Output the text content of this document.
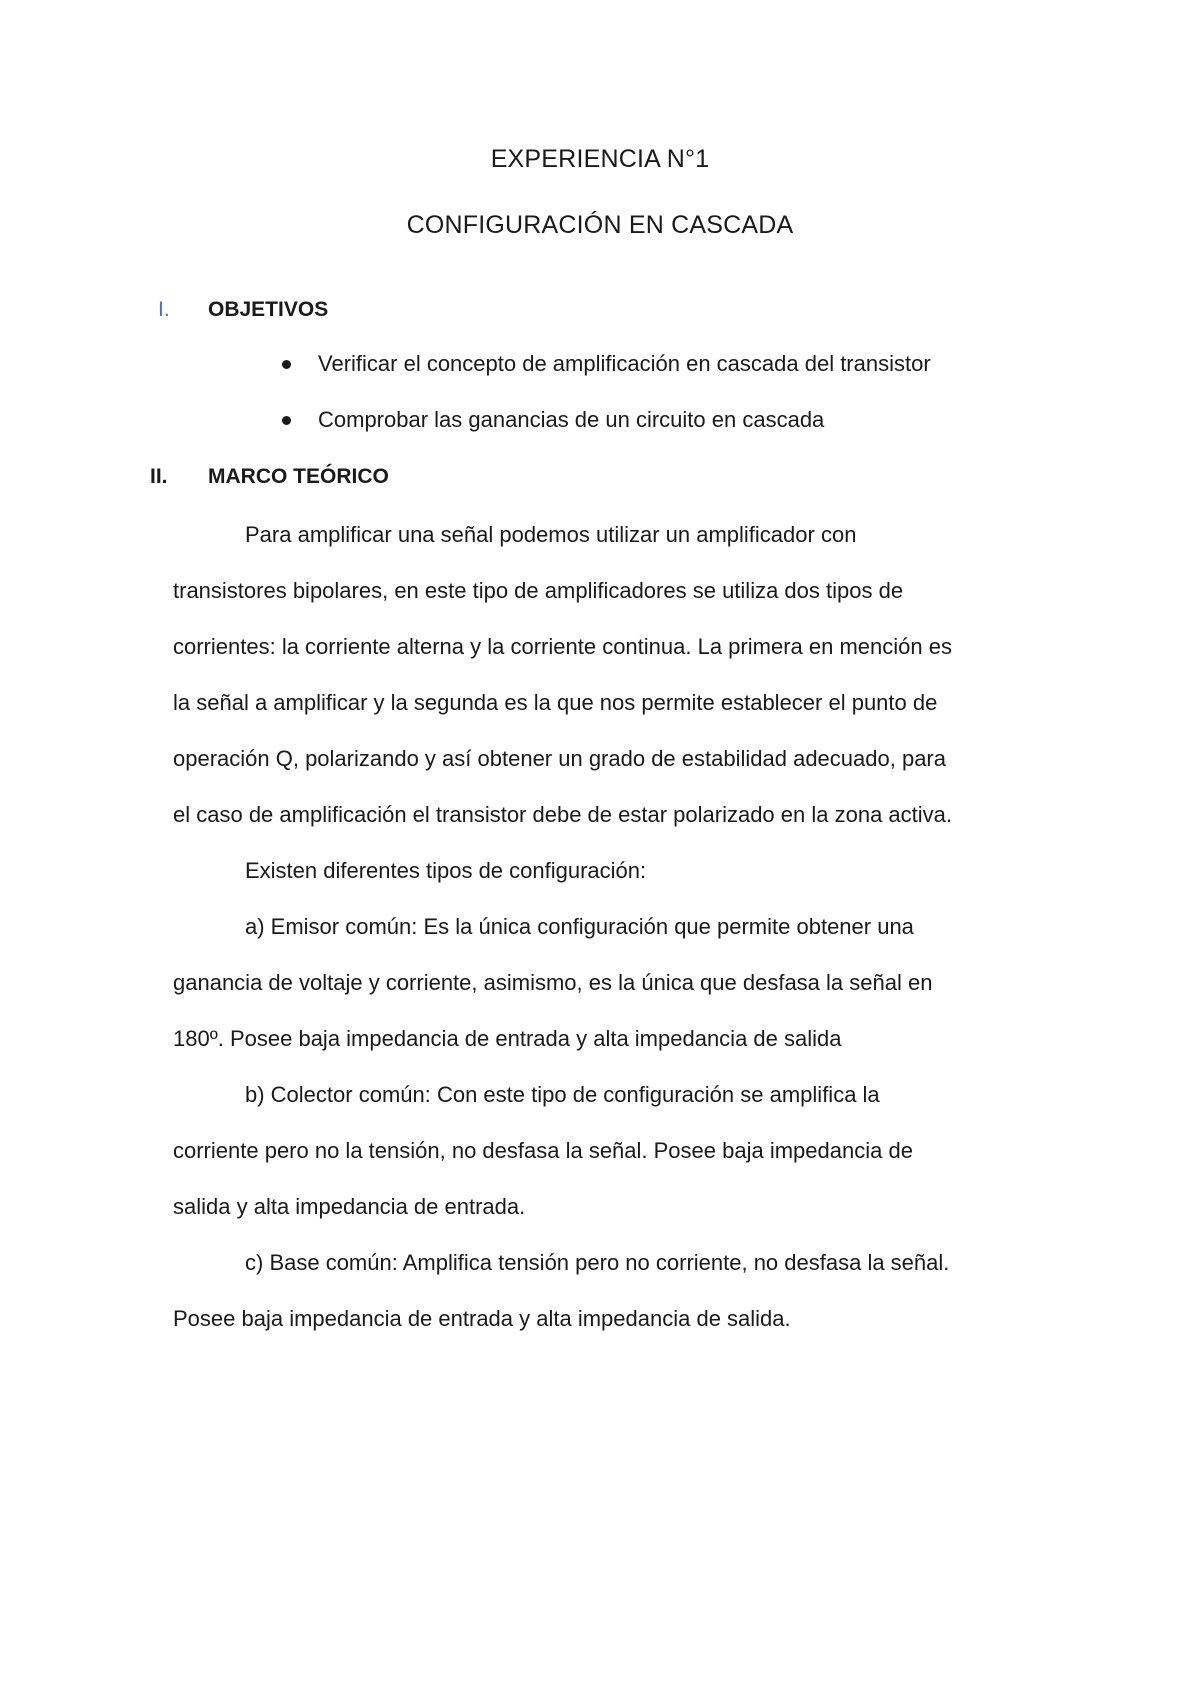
EXPERIENCIA N°1
CONFIGURACIÓN EN CASCADA
I. OBJETIVOS
Verificar el concepto de amplificación en cascada del transistor
Comprobar las ganancias de un circuito en cascada
II. MARCO TEÓRICO
Para amplificar una señal podemos utilizar un amplificador con
transistores bipolares, en este tipo de amplificadores se utiliza dos tipos de
corrientes: la corriente alterna y la corriente continua. La primera en mención es
la señal a amplificar y la segunda es la que nos permite establecer el punto de
operación Q, polarizando y así obtener un grado de estabilidad adecuado, para
el caso de amplificación el transistor debe de estar polarizado en la zona activa.
Existen diferentes tipos de configuración:
a) Emisor común: Es la única configuración que permite obtener una
ganancia de voltaje y corriente, asimismo, es la única que desfasa la señal en
180º. Posee baja impedancia de entrada y alta impedancia de salida
b) Colector común: Con este tipo de configuración se amplifica la
corriente pero no la tensión, no desfasa la señal. Posee baja impedancia de
salida y alta impedancia de entrada.
c) Base común: Amplifica tensión pero no corriente, no desfasa la señal.
Posee baja impedancia de entrada y alta impedancia de salida.
